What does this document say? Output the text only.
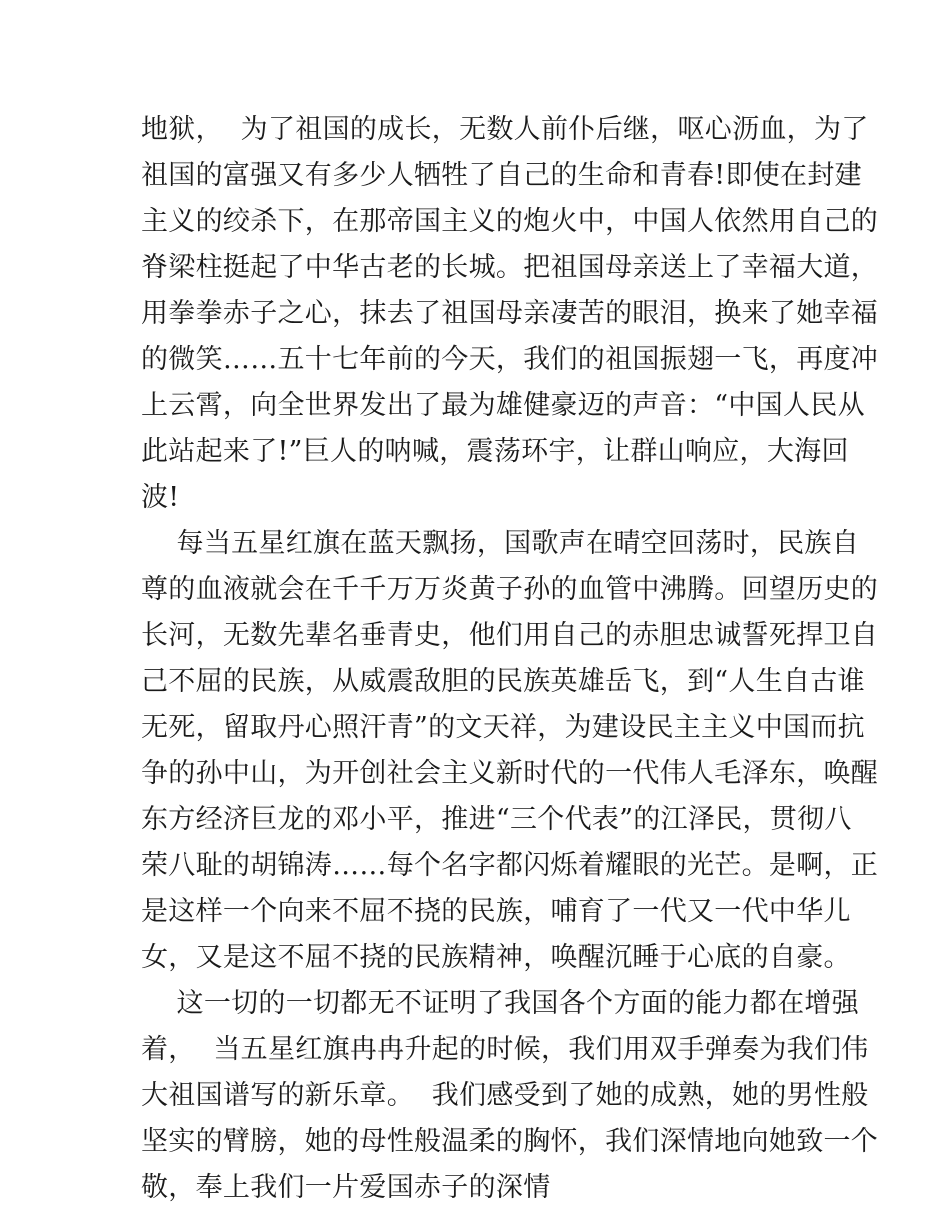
地狱，  为了祖国的成长，无数人前仆后继，呕心沥血，为了
祖国的富强又有多少人牺牲了自己的生命和青春!即使在封建
主义的绞杀下，在那帝国主义的炮火中，中国人依然用自己的
脊梁柱挺起了中华古老的长城。把祖国母亲送上了幸福大道，
用拳拳赤子之心，抹去了祖国母亲凄苦的眼泪，换来了她幸福
的微笑……五十七年前的今天，我们的祖国振翅一飞，再度冲
上云霄，向全世界发出了最为雄健豪迈的声音：“中国人民从
此站起来了!”巨人的呐喊，震荡环宇，让群山响应，大海回
波!
每当五星红旗在蓝天飘扬，国歌声在晴空回荡时，民族自
尊的血液就会在千千万万炎黄子孙的血管中沸腾。回望历史的
长河，无数先辈名垂青史，他们用自己的赤胆忠诚誓死捍卫自
己不屈的民族，从威震敌胆的民族英雄岳飞，到“人生自古谁
无死，留取丹心照汗青”的文天祥，为建设民主主义中国而抗
争的孙中山，为开创社会主义新时代的一代伟人毛泽东，唤醒
东方经济巨龙的邓小平，推进“三个代表”的江泽民，贯彻八
荣八耻的胡锦涛……每个名字都闪烁着耀眼的光芒。是啊，正
是这样一个向来不屈不挠的民族，哺育了一代又一代中华儿
女，又是这不屈不挠的民族精神，唤醒沉睡于心底的自豪。
这一切的一切都无不证明了我国各个方面的能力都在增强
着，  当五星红旗冉冉升起的时候，我们用双手弹奏为我们伟
大祖国谱写的新乐章。  我们感受到了她的成熟，她的男性般
坚实的臂膀，她的母性般温柔的胸怀，我们深情地向她致一个
敬，奉上我们一片爱国赤子的深情
